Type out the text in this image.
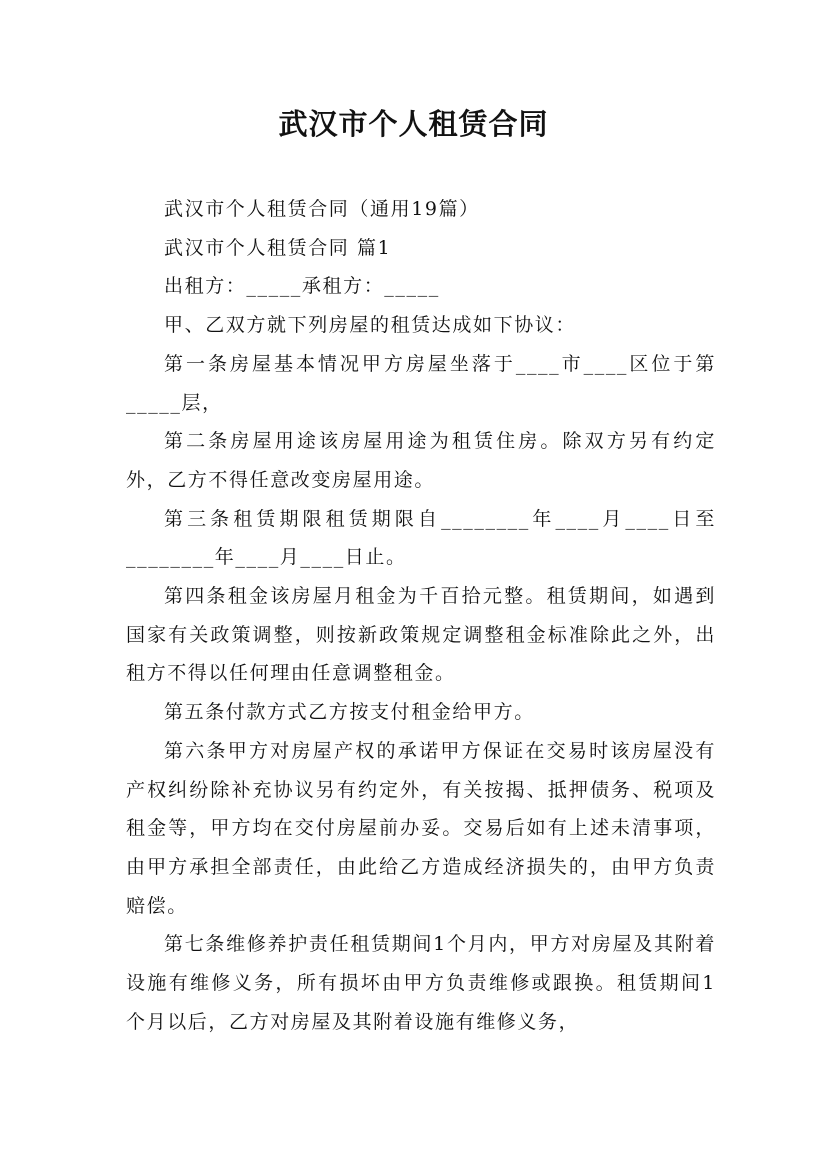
武汉市个人租赁合同

武汉市个人租赁合同（通用19篇）

武汉市个人租赁合同 篇1

出租方：_____承租方：_____

甲、乙双方就下列房屋的租赁达成如下协议：

第一条房屋基本情况甲方房屋坐落于____市____区位于第_____层，

第二条房屋用途该房屋用途为租赁住房。除双方另有约定外，乙方不得任意改变房屋用途。

第三条租赁期限租赁期限自________年____月____日至________年____月____日止。

第四条租金该房屋月租金为千百拾元整。租赁期间，如遇到国家有关政策调整，则按新政策规定调整租金标准除此之外，出租方不得以任何理由任意调整租金。

第五条付款方式乙方按支付租金给甲方。

第六条甲方对房屋产权的承诺甲方保证在交易时该房屋没有产权纠纷除补充协议另有约定外，有关按揭、抵押债务、税项及租金等，甲方均在交付房屋前办妥。交易后如有上述未清事项，由甲方承担全部责任，由此给乙方造成经济损失的，由甲方负责赔偿。

第七条维修养护责任租赁期间1个月内，甲方对房屋及其附着设施有维修义务，所有损坏由甲方负责维修或跟换。租赁期间1个月以后，乙方对房屋及其附着设施有维修义务，
